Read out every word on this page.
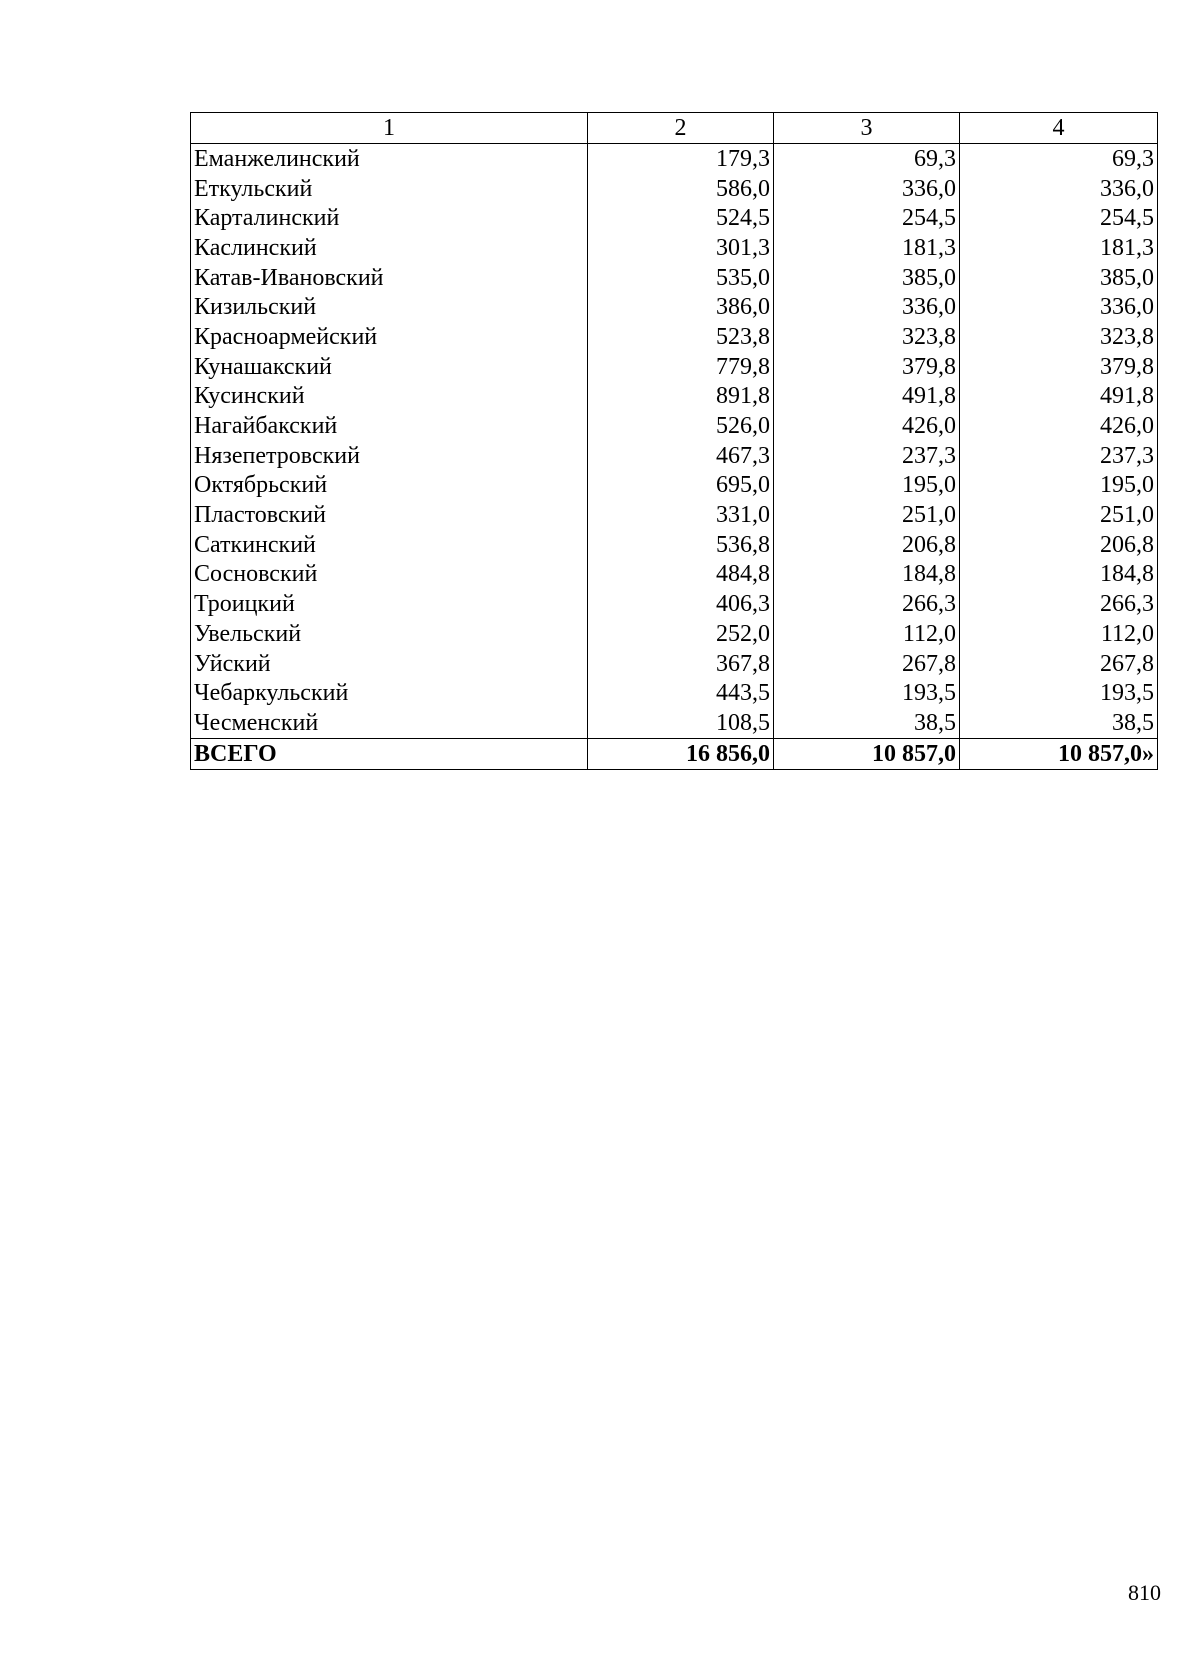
1	2	3	4
Еманжелинский	179,3	69,3	69,3
Еткульский	586,0	336,0	336,0
Карталинский	524,5	254,5	254,5
Каслинский	301,3	181,3	181,3
Катав-Ивановский	535,0	385,0	385,0
Кизильский	386,0	336,0	336,0
Красноармейский	523,8	323,8	323,8
Кунашакский	779,8	379,8	379,8
Кусинский	891,8	491,8	491,8
Нагайбакский	526,0	426,0	426,0
Нязепетровский	467,3	237,3	237,3
Октябрьский	695,0	195,0	195,0
Пластовский	331,0	251,0	251,0
Саткинский	536,8	206,8	206,8
Сосновский	484,8	184,8	184,8
Троицкий	406,3	266,3	266,3
Увельский	252,0	112,0	112,0
Уйский	367,8	267,8	267,8
Чебаркульский	443,5	193,5	193,5
Чесменский	108,5	38,5	38,5
ВСЕГО	16 856,0	10 857,0	10 857,0»
810
